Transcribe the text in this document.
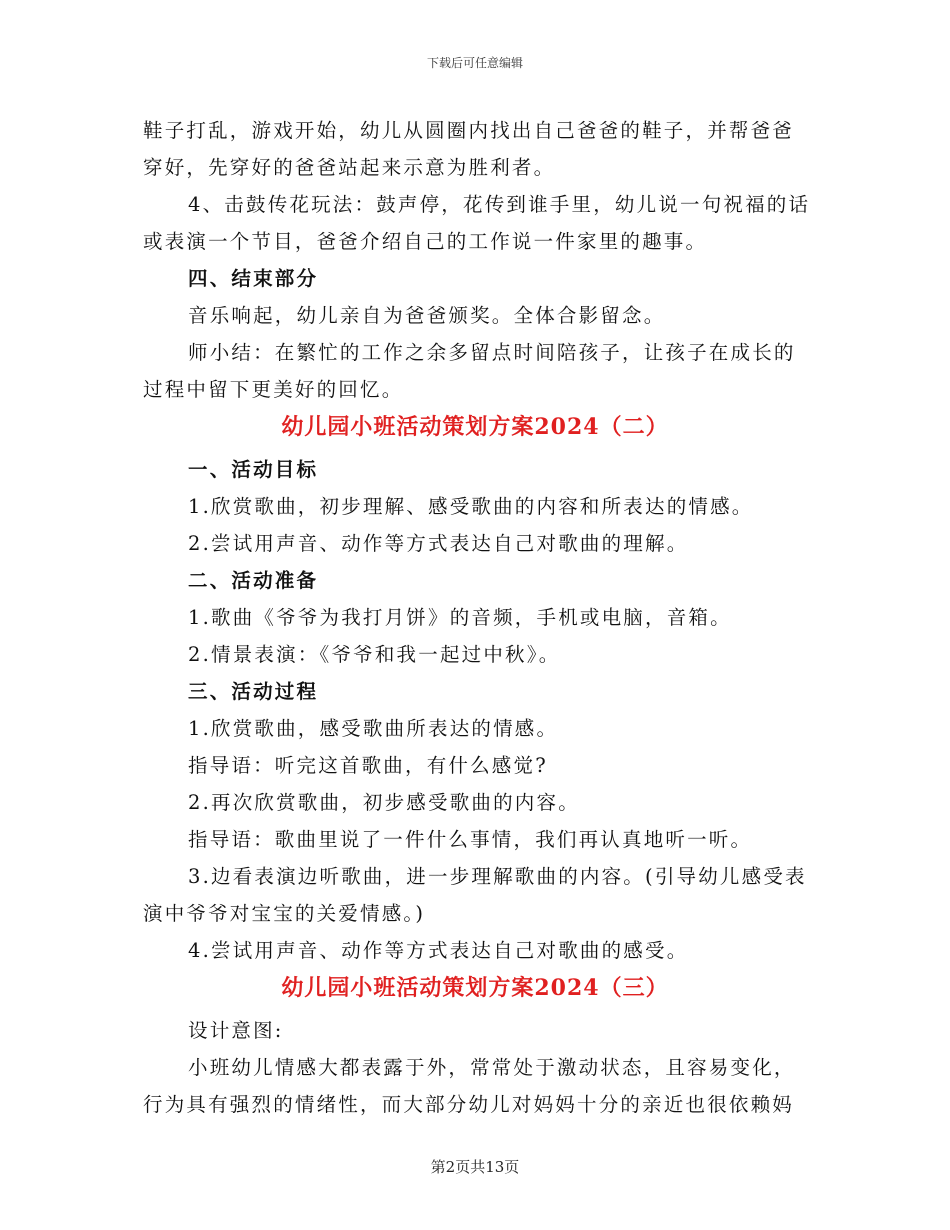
下载后可任意编辑
鞋子打乱，游戏开始，幼儿从圆圈内找出自己爸爸的鞋子，并帮爸爸
穿好，先穿好的爸爸站起来示意为胜利者。
4、击鼓传花玩法：鼓声停，花传到谁手里，幼儿说一句祝福的话
或表演一个节目，爸爸介绍自己的工作说一件家里的趣事。
四、结束部分
音乐响起，幼儿亲自为爸爸颁奖。全体合影留念。
师小结：在繁忙的工作之余多留点时间陪孩子，让孩子在成长的
过程中留下更美好的回忆。
幼儿园小班活动策划方案2024（二）
一、活动目标
1.欣赏歌曲，初步理解、感受歌曲的内容和所表达的情感。
2.尝试用声音、动作等方式表达自己对歌曲的理解。
二、活动准备
1.歌曲《爷爷为我打月饼》的音频，手机或电脑，音箱。
2.情景表演：《爷爷和我一起过中秋》。
三、活动过程
1.欣赏歌曲，感受歌曲所表达的情感。
指导语：听完这首歌曲，有什么感觉?
2.再次欣赏歌曲，初步感受歌曲的内容。
指导语：歌曲里说了一件什么事情，我们再认真地听一听。
3.边看表演边听歌曲，进一步理解歌曲的内容。(引导幼儿感受表
演中爷爷对宝宝的关爱情感。)
4.尝试用声音、动作等方式表达自己对歌曲的感受。
幼儿园小班活动策划方案2024（三）
设计意图:
小班幼儿情感大都表露于外，常常处于激动状态，且容易变化，
行为具有强烈的情绪性，而大部分幼儿对妈妈十分的亲近也很依赖妈
第2页共13页
